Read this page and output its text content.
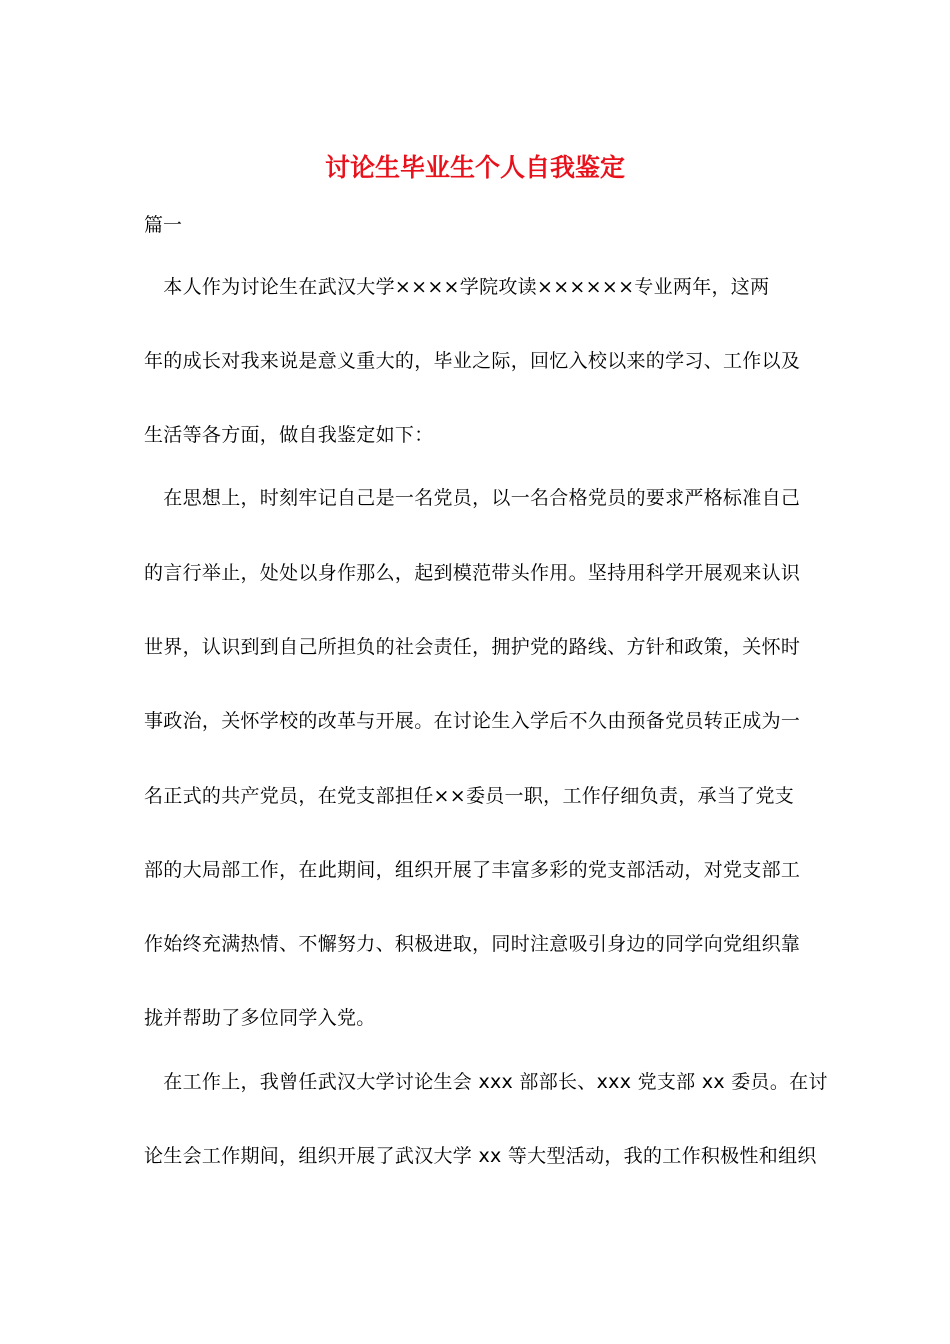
讨论生毕业生个人自我鉴定
篇一
　本人作为讨论生在武汉大学××××学院攻读××××××专业两年，这两
年的成长对我来说是意义重大的，毕业之际，回忆入校以来的学习、工作以及
生活等各方面，做自我鉴定如下：
　在思想上，时刻牢记自己是一名党员，以一名合格党员的要求严格标准自己
的言行举止，处处以身作那么，起到模范带头作用。坚持用科学开展观来认识
世界，认识到到自己所担负的社会责任，拥护党的路线、方针和政策，关怀时
事政治，关怀学校的改革与开展。在讨论生入学后不久由预备党员转正成为一
名正式的共产党员，在党支部担任××委员一职，工作仔细负责，承当了党支
部的大局部工作，在此期间，组织开展了丰富多彩的党支部活动，对党支部工
作始终充满热情、不懈努力、积极进取，同时注意吸引身边的同学向党组织靠
拢并帮助了多位同学入党。
　在工作上，我曾任武汉大学讨论生会 xxx 部部长、xxx 党支部 xx 委员。在讨
论生会工作期间，组织开展了武汉大学 xx 等大型活动，我的工作积极性和组织
